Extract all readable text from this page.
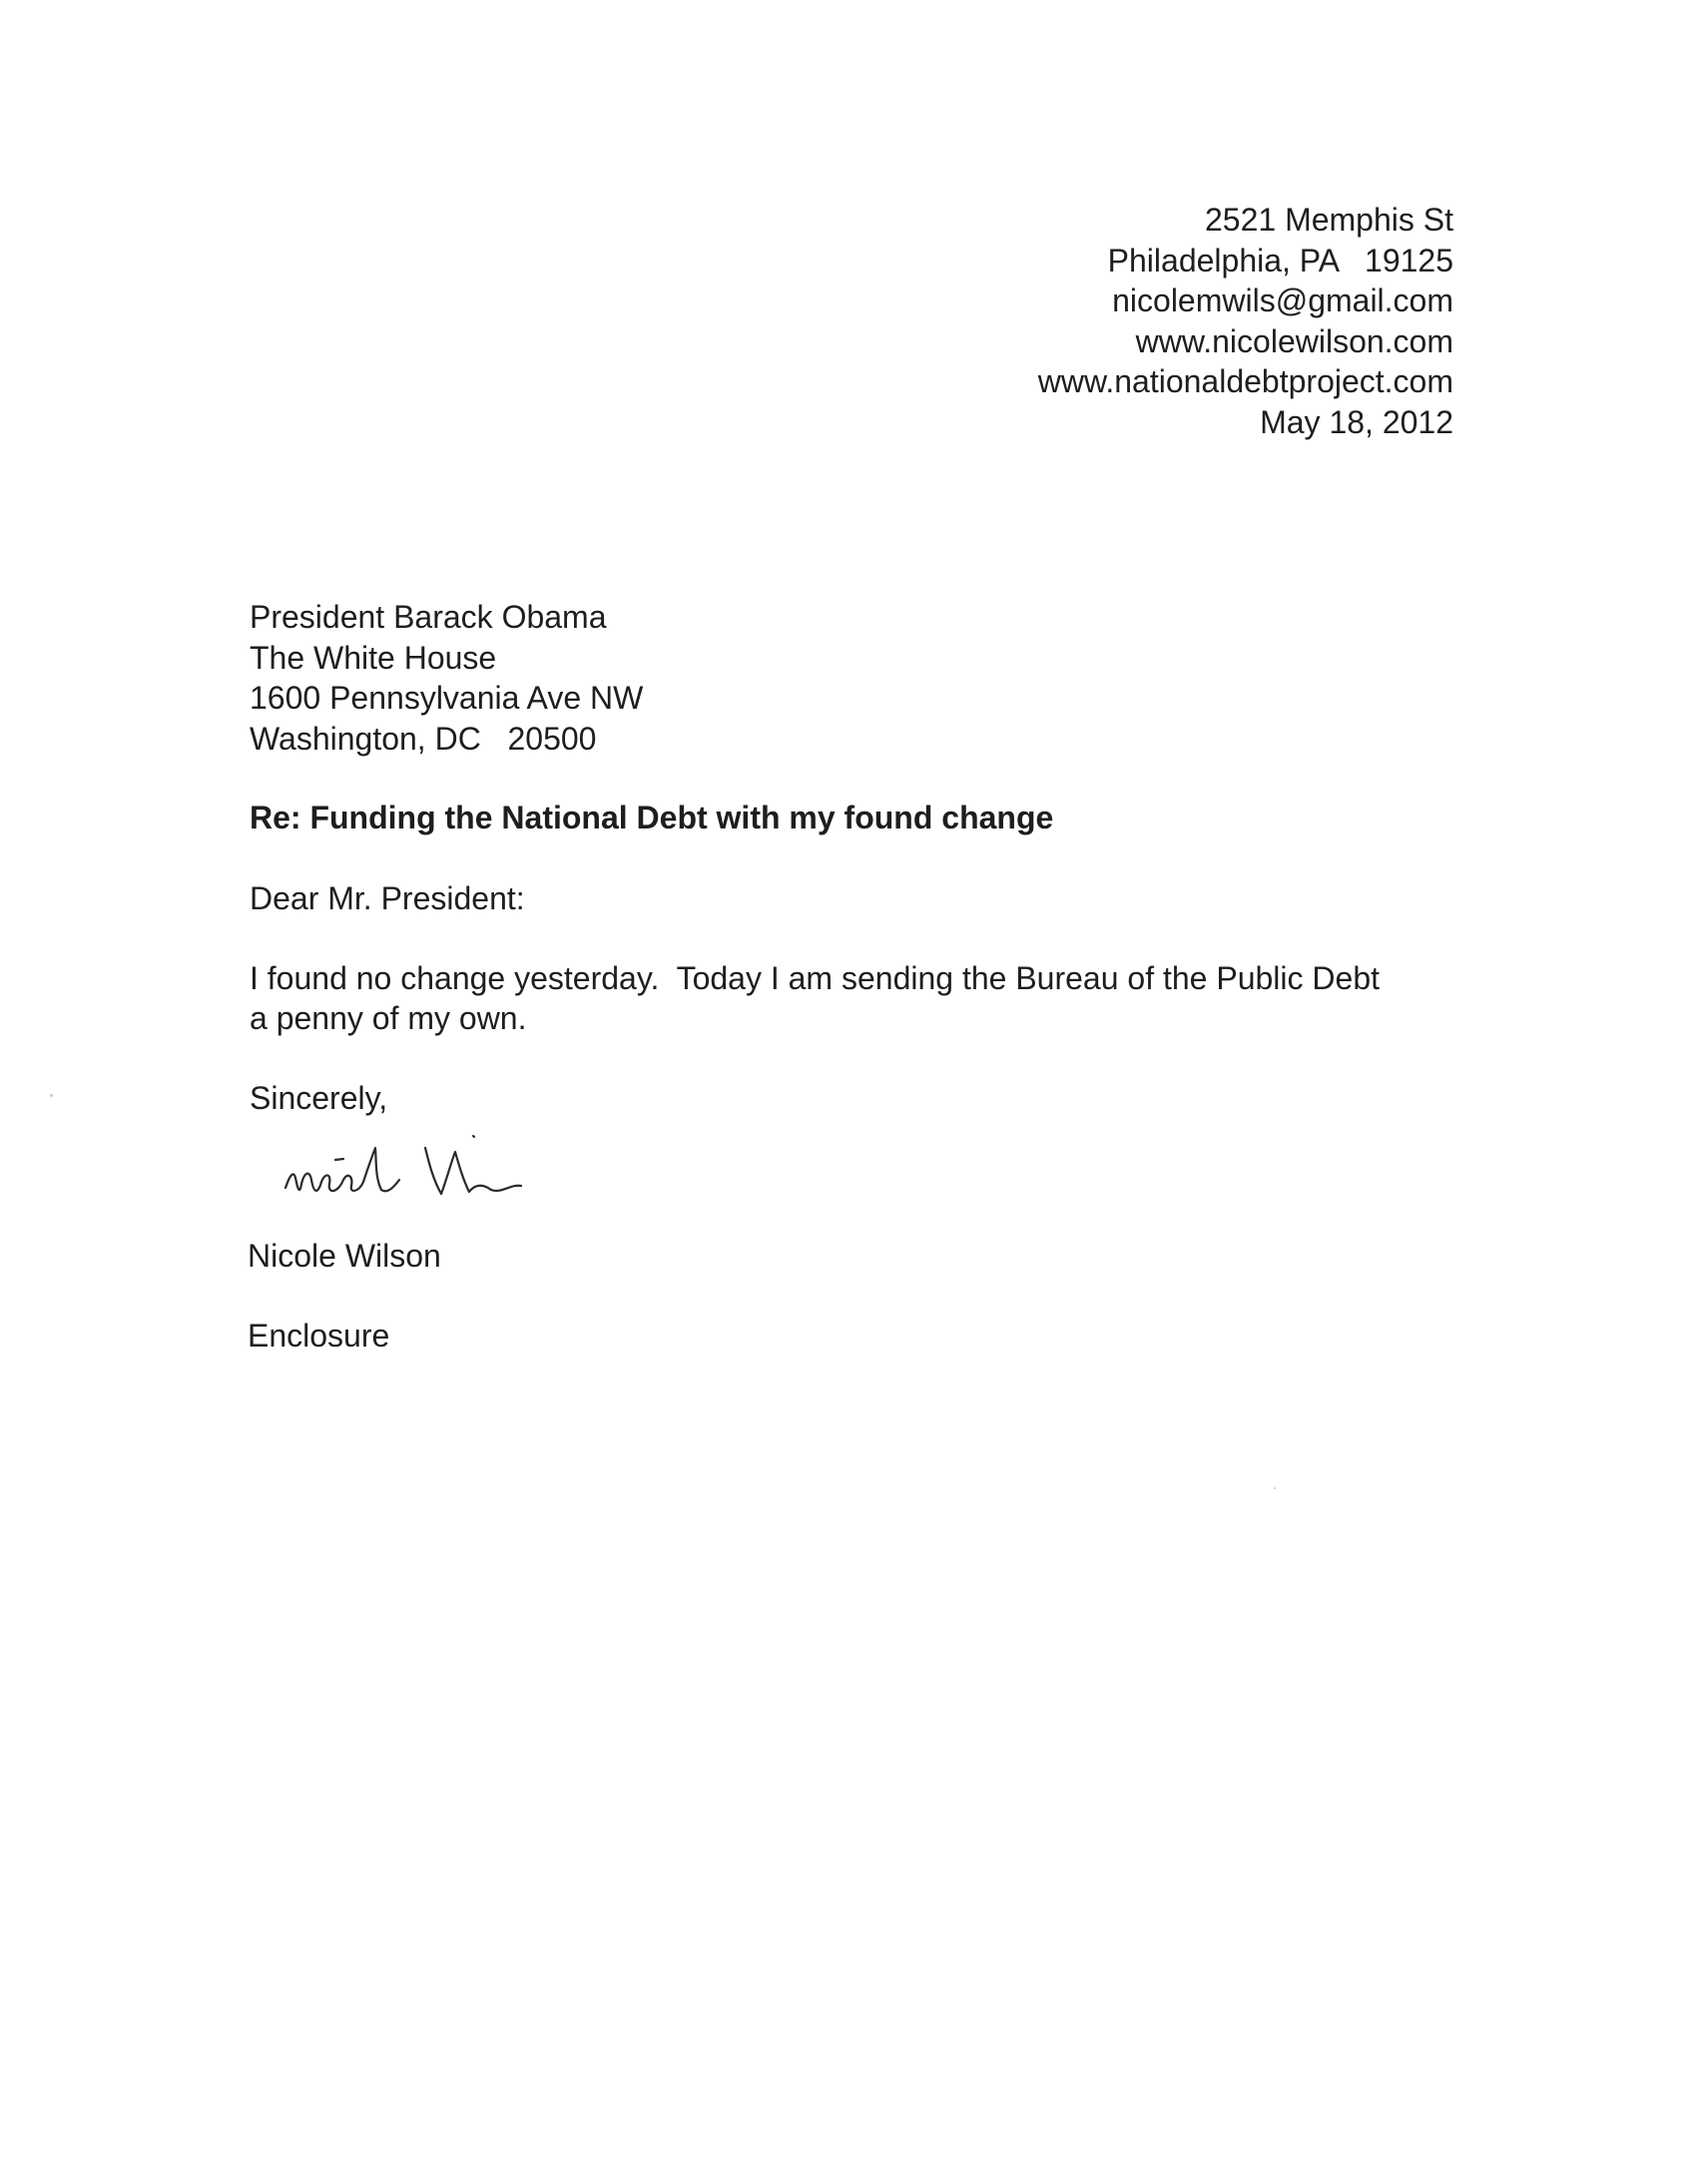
2521 Memphis St
Philadelphia, PA   19125
nicolemwils@gmail.com
www.nicolewilson.com
www.nationaldebtproject.com
May 18, 2012
President Barack Obama
The White House
1600 Pennsylvania Ave NW
Washington, DC   20500
Re: Funding the National Debt with my found change
Dear Mr. President:
I found no change yesterday.  Today I am sending the Bureau of the Public Debt
a penny of my own.
Sincerely,
Nicole Wilson
Enclosure
